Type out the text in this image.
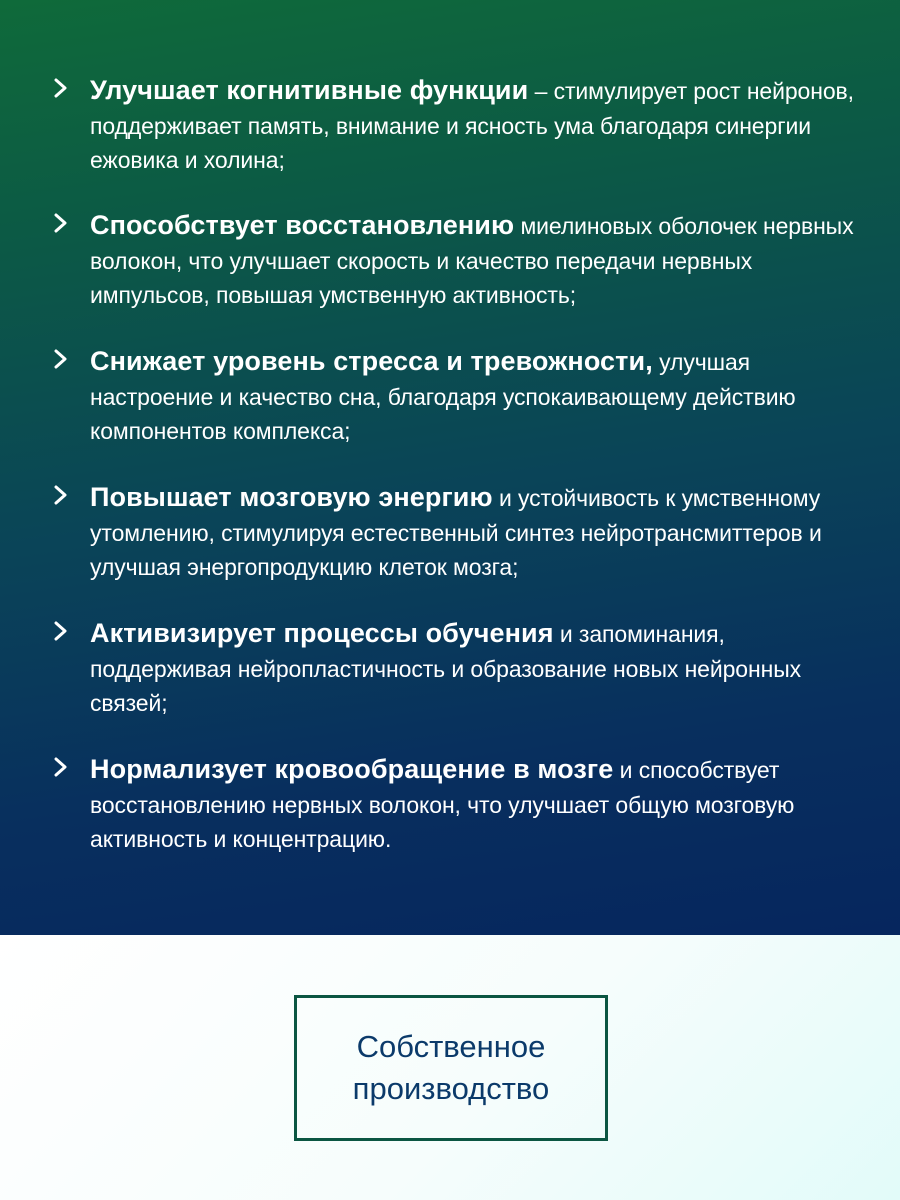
Улучшает когнитивные функции – стимулирует рост нейронов, поддерживает память, внимание и ясность ума благодаря синергии ежовика и холина;

Способствует восстановлению миелиновых оболочек нервных волокон, что улучшает скорость и качество передачи нервных импульсов, повышая умственную активность;

Снижает уровень стресса и тревожности, улучшая настроение и качество сна, благодаря успокаивающему действию компонентов комплекса;

Повышает мозговую энергию и устойчивость к умственному утомлению, стимулируя естественный синтез нейротрансмиттеров и улучшая энергопродукцию клеток мозга;

Активизирует процессы обучения и запоминания, поддерживая нейропластичность и образование новых нейронных связей;

Нормализует кровообращение в мозге и способствует восстановлению нервных волокон, что улучшает общую мозговую активность и концентрацию.

Собственное производство
